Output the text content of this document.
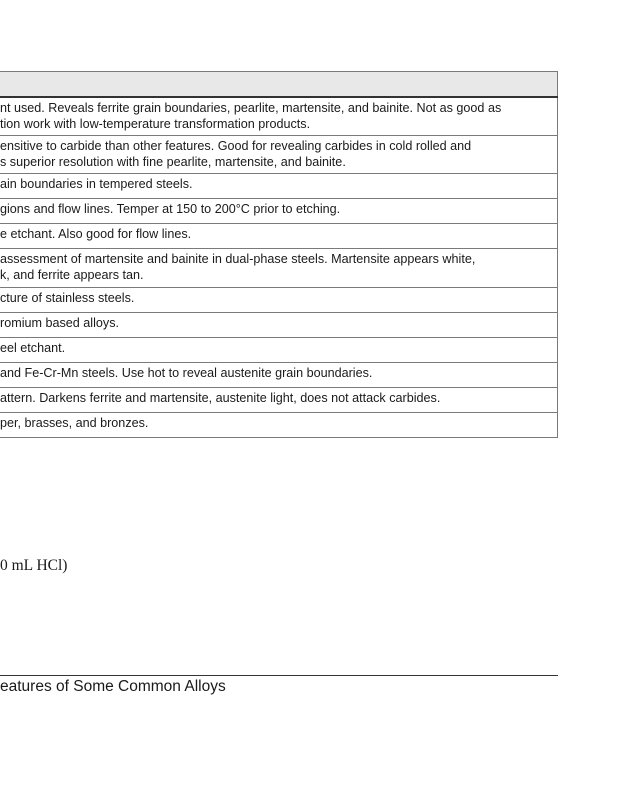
nt used. Reveals ferrite grain boundaries, pearlite, martensite, and bainite. Not as good as
tion work with low-temperature transformation products.
ensitive to carbide than other features. Good for revealing carbides in cold rolled and
s superior resolution with fine pearlite, martensite, and bainite.
ain boundaries in tempered steels.
gions and flow lines. Temper at 150 to 200°C prior to etching.
e etchant. Also good for flow lines.
assessment of martensite and bainite in dual-phase steels. Martensite appears white,
k, and ferrite appears tan.
cture of stainless steels.
romium based alloys.
eel etchant.
and Fe-Cr-Mn steels. Use hot to reveal austenite grain boundaries.
attern. Darkens ferrite and martensite, austenite light, does not attack carbides.
per, brasses, and bronzes.
0 mL HCl)
eatures of Some Common Alloys
